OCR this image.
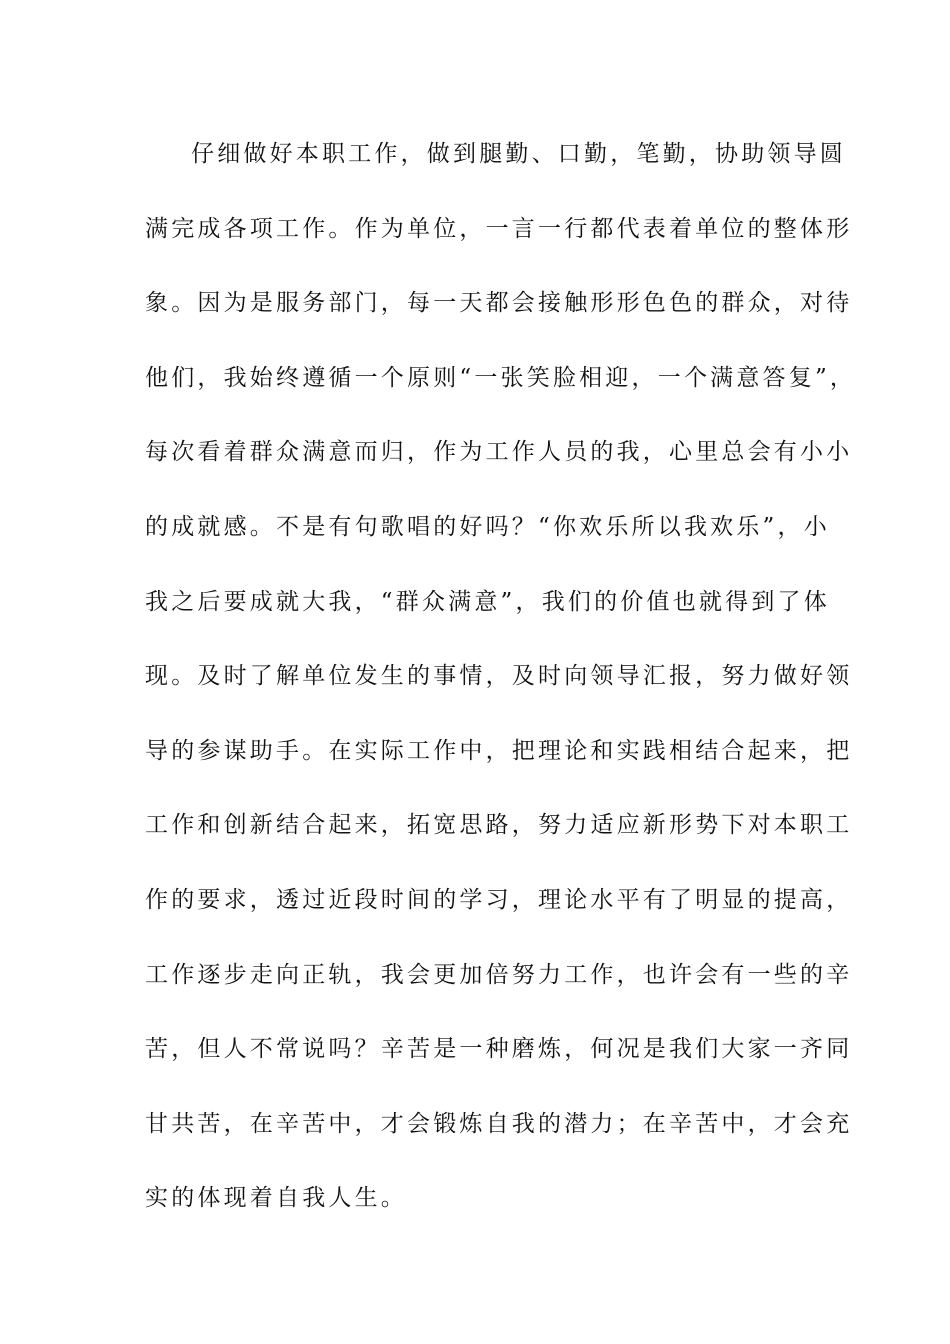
仔细做好本职工作，做到腿勤、口勤，笔勤，协助领导圆
满完成各项工作。作为单位，一言一行都代表着单位的整体形
象。因为是服务部门，每一天都会接触形形色色的群众，对待
他们，我始终遵循一个原则“一张笑脸相迎，一个满意答复”，
每次看着群众满意而归，作为工作人员的我，心里总会有小小
的成就感。不是有句歌唱的好吗？“你欢乐所以我欢乐”，小
我之后要成就大我，“群众满意”，我们的价值也就得到了体
现。及时了解单位发生的事情，及时向领导汇报，努力做好领
导的参谋助手。在实际工作中，把理论和实践相结合起来，把
工作和创新结合起来，拓宽思路，努力适应新形势下对本职工
作的要求，透过近段时间的学习，理论水平有了明显的提高，
工作逐步走向正轨，我会更加倍努力工作，也许会有一些的辛
苦，但人不常说吗？辛苦是一种磨炼，何况是我们大家一齐同
甘共苦，在辛苦中，才会锻炼自我的潜力；在辛苦中，才会充
实的体现着自我人生。
